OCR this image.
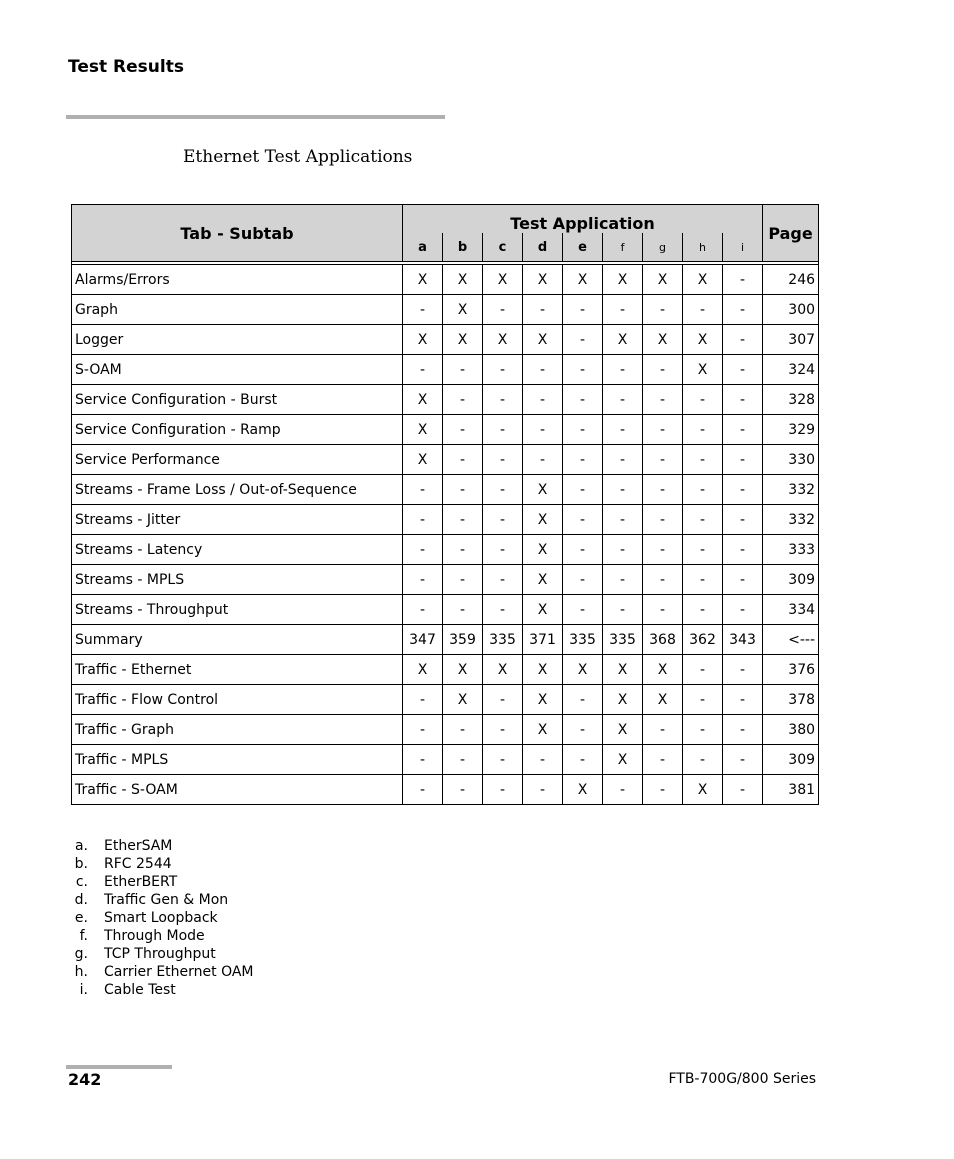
Test Results
Ethernet Test Applications
Tab - Subtab	Test Application									Page
	a	b	c	d	e	f	g	h	i	

Alarms/Errors	X	X	X	X	X	X	X	X	-	246
Graph	-	X	-	-	-	-	-	-	-	300
Logger	X	X	X	X	-	X	X	X	-	307
S-OAM	-	-	-	-	-	-	-	X	-	324
Service Configuration - Burst	X	-	-	-	-	-	-	-	-	328
Service Configuration - Ramp	X	-	-	-	-	-	-	-	-	329
Service Performance	X	-	-	-	-	-	-	-	-	330
Streams - Frame Loss / Out-of-Sequence	-	-	-	X	-	-	-	-	-	332
Streams - Jitter	-	-	-	X	-	-	-	-	-	332
Streams - Latency	-	-	-	X	-	-	-	-	-	333
Streams - MPLS	-	-	-	X	-	-	-	-	-	309
Streams - Throughput	-	-	-	X	-	-	-	-	-	334
Summary	347	359	335	371	335	335	368	362	343	<---
Traffic - Ethernet	X	X	X	X	X	X	X	-	-	376
Traffic - Flow Control	-	X	-	X	-	X	X	-	-	378
Traffic - Graph	-	-	-	X	-	X	-	-	-	380
Traffic - MPLS	-	-	-	-	-	X	-	-	-	309
Traffic - S-OAM	-	-	-	-	X	-	-	X	-	381
a. EtherSAM
b. RFC 2544
c. EtherBERT
d. Traffic Gen & Mon
e. Smart Loopback
f. Through Mode
g. TCP Throughput
h. Carrier Ethernet OAM
i. Cable Test
242	FTB-700G/800 Series
